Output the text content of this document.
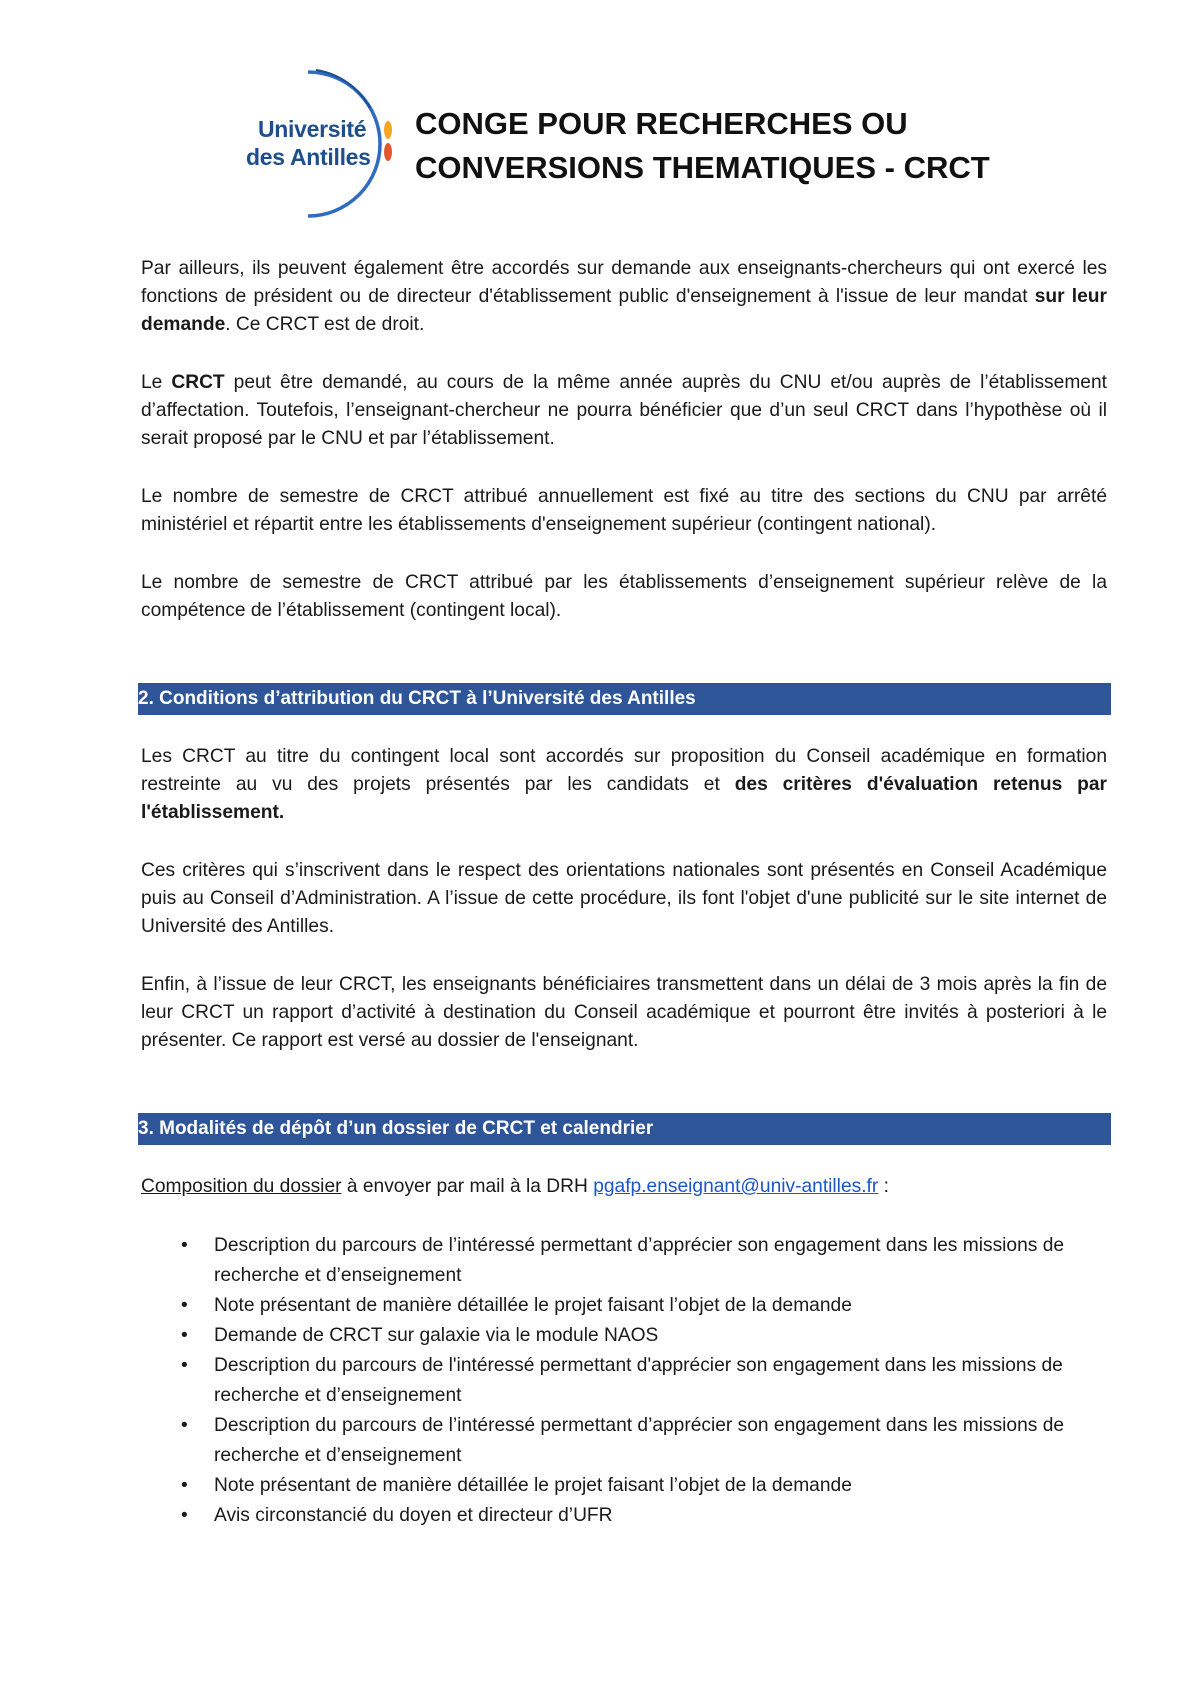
Université
des Antilles
CONGE POUR RECHERCHES OU
CONVERSIONS THEMATIQUES - CRCT

Par ailleurs, ils peuvent également être accordés sur demande aux enseignants-chercheurs qui ont exercé les fonctions de président ou de directeur d'établissement public d'enseignement à l'issue de leur mandat sur leur demande. Ce CRCT est de droit.

Le CRCT peut être demandé, au cours de la même année auprès du CNU et/ou auprès de l’établissement d’affectation. Toutefois, l’enseignant-chercheur ne pourra bénéficier que d’un seul CRCT dans l’hypothèse où il serait proposé par le CNU et par l’établissement.

Le nombre de semestre de CRCT attribué annuellement est fixé au titre des sections du CNU par arrêté ministériel et répartit entre les établissements d'enseignement supérieur (contingent national).

Le nombre de semestre de CRCT attribué par les établissements d’enseignement supérieur relève de la compétence de l’établissement (contingent local).

2. Conditions d’attribution du CRCT à l’Université des Antilles

Les CRCT au titre du contingent local sont accordés sur proposition du Conseil académique en formation restreinte au vu des projets présentés par les candidats et des critères d'évaluation retenus par l'établissement.

Ces critères qui s’inscrivent dans le respect des orientations nationales sont présentés en Conseil Académique puis au Conseil d’Administration. A l’issue de cette procédure, ils font l'objet d'une publicité sur le site internet de Université des Antilles.

Enfin, à l’issue de leur CRCT, les enseignants bénéficiaires transmettent dans un délai de 3 mois après la fin de leur CRCT un rapport d’activité à destination du Conseil académique et pourront être invités à posteriori à le présenter. Ce rapport est versé au dossier de l'enseignant.

3. Modalités de dépôt d’un dossier de CRCT et calendrier

Composition du dossier à envoyer par mail à la DRH pgafp.enseignant@univ-antilles.fr :

• Description du parcours de l’intéressé permettant d’apprécier son engagement dans les missions de recherche et d’enseignement
• Note présentant de manière détaillée le projet faisant l’objet de la demande
• Demande de CRCT sur galaxie via le module NAOS
• Description du parcours de l'intéressé permettant d'apprécier son engagement dans les missions de recherche et d’enseignement
• Description du parcours de l’intéressé permettant d’apprécier son engagement dans les missions de recherche et d’enseignement
• Note présentant de manière détaillée le projet faisant l’objet de la demande
• Avis circonstancié du doyen et directeur d’UFR
